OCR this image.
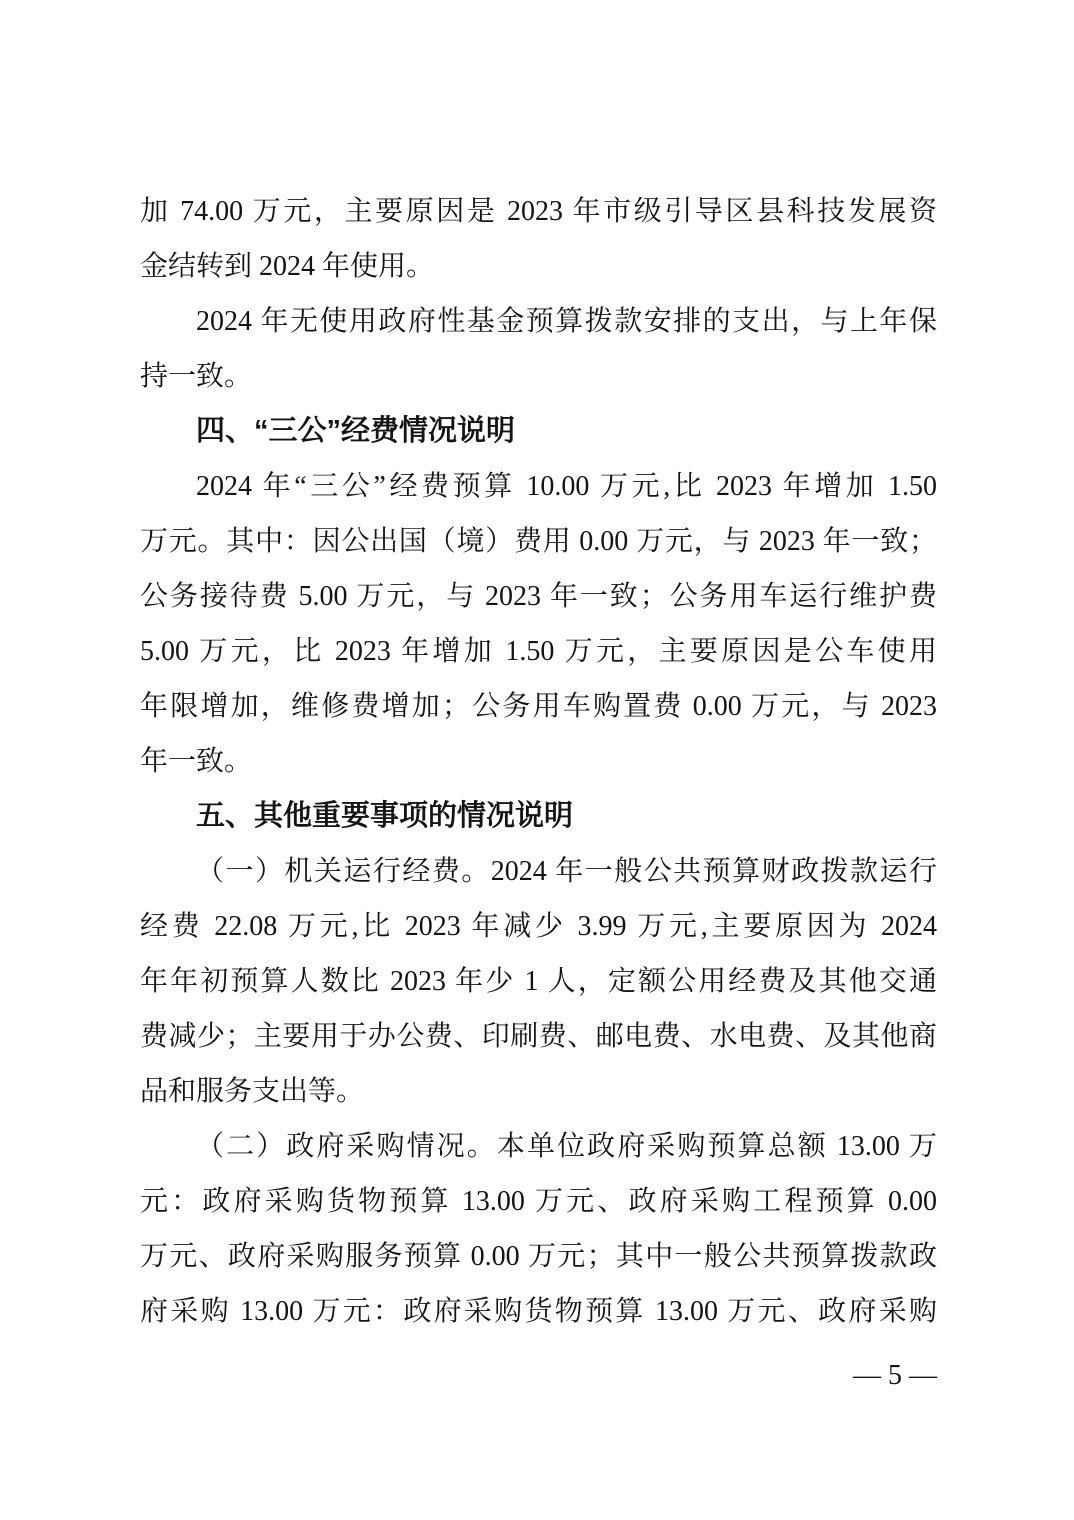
加 74.00 万元，主要原因是 2023 年市级引导区县科技发展资
金结转到 2024 年使用。
2024 年无使用政府性基金预算拨款安排的支出，与上年保
持一致。
四、“三公”经费情况说明
2024 年“三公”经费预算 10.00 万元,比 2023 年增加 1.50
万元。其中：因公出国（境）费用 0.00 万元，与 2023 年一致；
公务接待费 5.00 万元，与 2023 年一致；公务用车运行维护费
5.00 万元，比 2023 年增加 1.50 万元，主要原因是公车使用
年限增加，维修费增加；公务用车购置费 0.00 万元，与 2023
年一致。
五、其他重要事项的情况说明
（一）机关运行经费。2024 年一般公共预算财政拨款运行
经费 22.08 万元,比 2023 年减少 3.99 万元,主要原因为 2024
年年初预算人数比 2023 年少 1 人，定额公用经费及其他交通
费减少；主要用于办公费、印刷费、邮电费、水电费、及其他商
品和服务支出等。
（二）政府采购情况。本单位政府采购预算总额 13.00 万
元：政府采购货物预算 13.00 万元、政府采购工程预算 0.00
万元、政府采购服务预算 0.00 万元；其中一般公共预算拨款政
府采购 13.00 万元：政府采购货物预算 13.00 万元、政府采购
— 5 —
